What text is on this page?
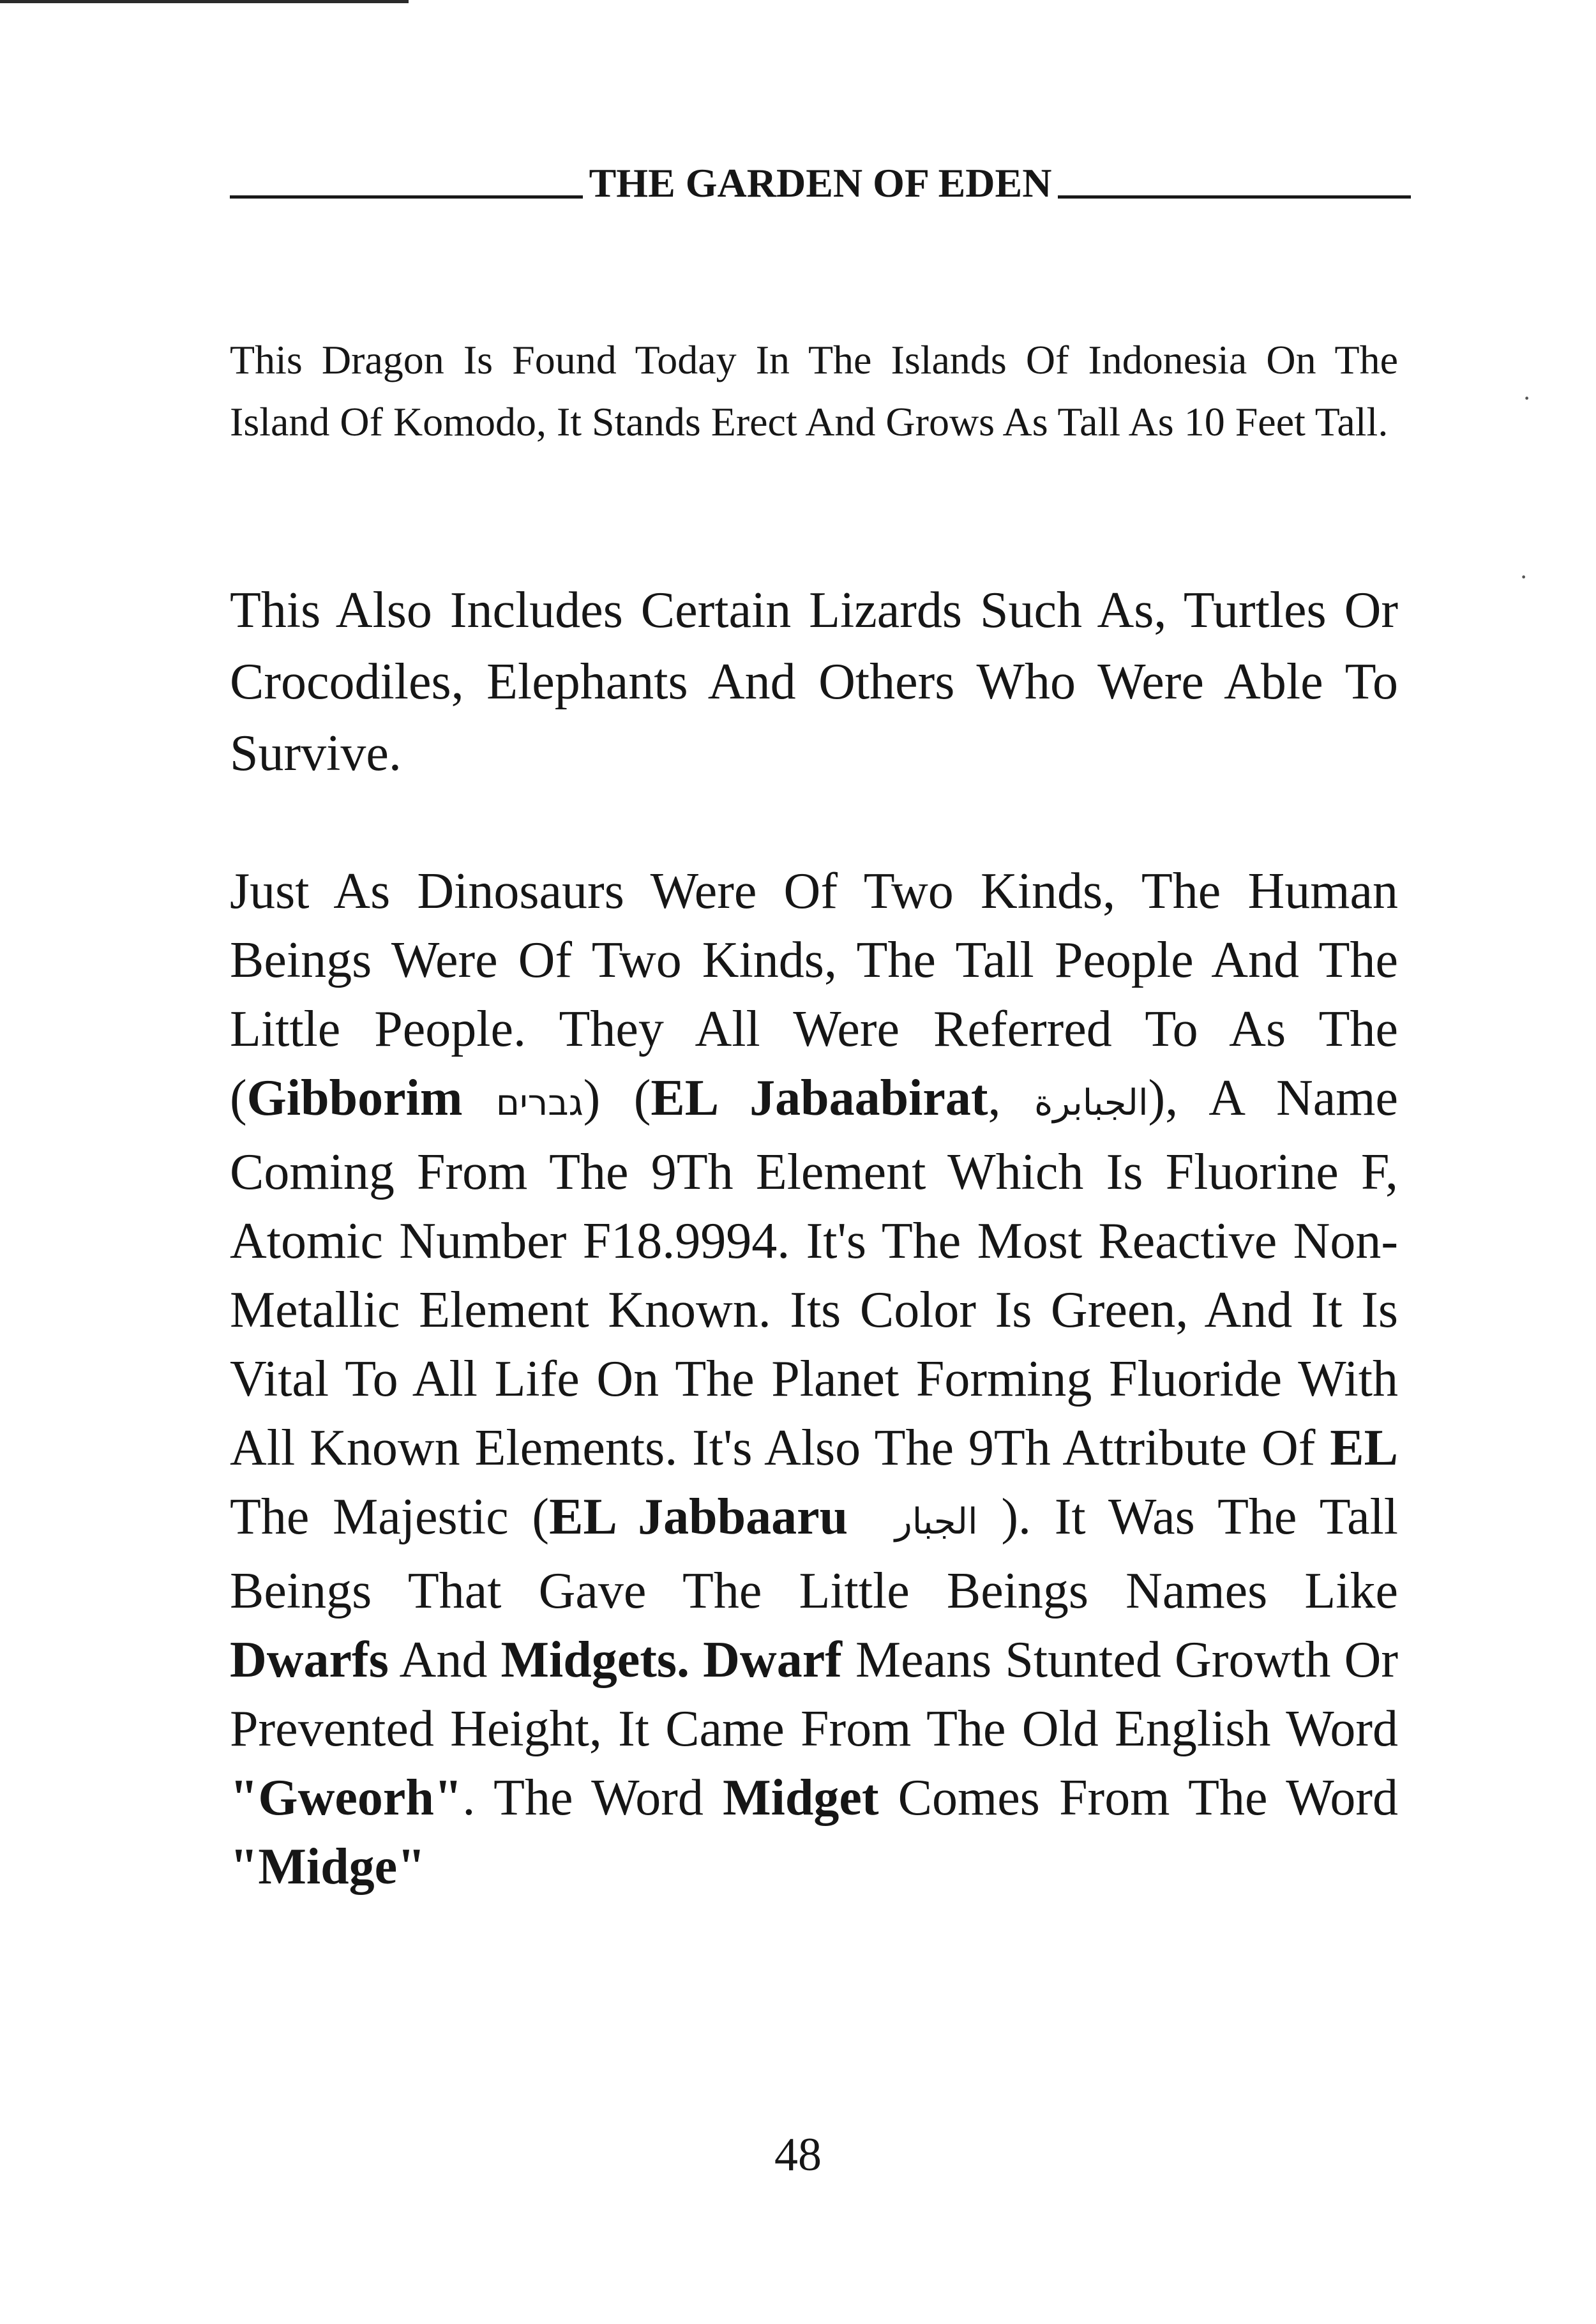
THE GARDEN OF EDEN

This Dragon Is Found Today In The Islands Of Indonesia On The Island Of Komodo, It Stands Erect And Grows As Tall As 10 Feet Tall.

This Also Includes Certain Lizards Such As, Turtles Or Crocodiles, Elephants And Others Who Were Able To Survive.

Just As Dinosaurs Were Of Two Kinds, The Human Beings Were Of Two Kinds, The Tall People And The Little People. They All Were Referred To As The (Gibborim גברים) (EL Jabaabirat, الجبابرة), A Name Coming From The 9Th Element Which Is Fluorine F, Atomic Number F18.9994. It's The Most Reactive Non-Metallic Element Known. Its Color Is Green, And It Is Vital To All Life On The Planet Forming Fluoride With All Known Elements. It's Also The 9Th Attribute Of EL The Majestic (EL Jabbaaru الجبار ). It Was The Tall Beings That Gave The Little Beings Names Like Dwarfs And Midgets. Dwarf Means Stunted Growth Or Prevented Height, It Came From The Old English Word "Gweorh". The Word Midget Comes From The Word "Midge"

48
·
·
